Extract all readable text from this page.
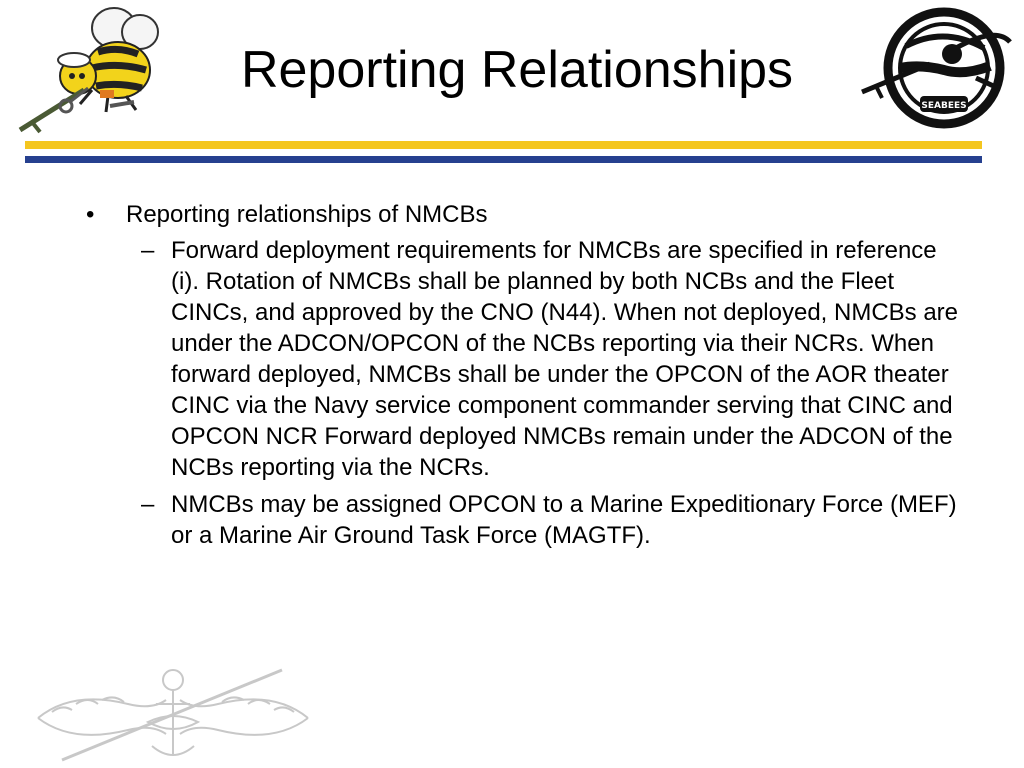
Reporting Relationships
SEABEES
• Reporting relationships of NMCBs
– Forward deployment requirements for NMCBs are specified in reference (i). Rotation of NMCBs shall be planned by both NCBs and the Fleet CINCs, and approved by the CNO (N44). When not deployed, NMCBs are under the ADCON/OPCON of the NCBs reporting via their NCRs. When forward deployed, NMCBs shall be under the OPCON of the AOR theater CINC via the Navy service component commander serving that CINC and OPCON NCR Forward deployed NMCBs remain under the ADCON of the NCBs reporting via the NCRs.
– NMCBs may be assigned OPCON to a Marine Expeditionary Force (MEF) or a Marine Air Ground Task Force (MAGTF).
